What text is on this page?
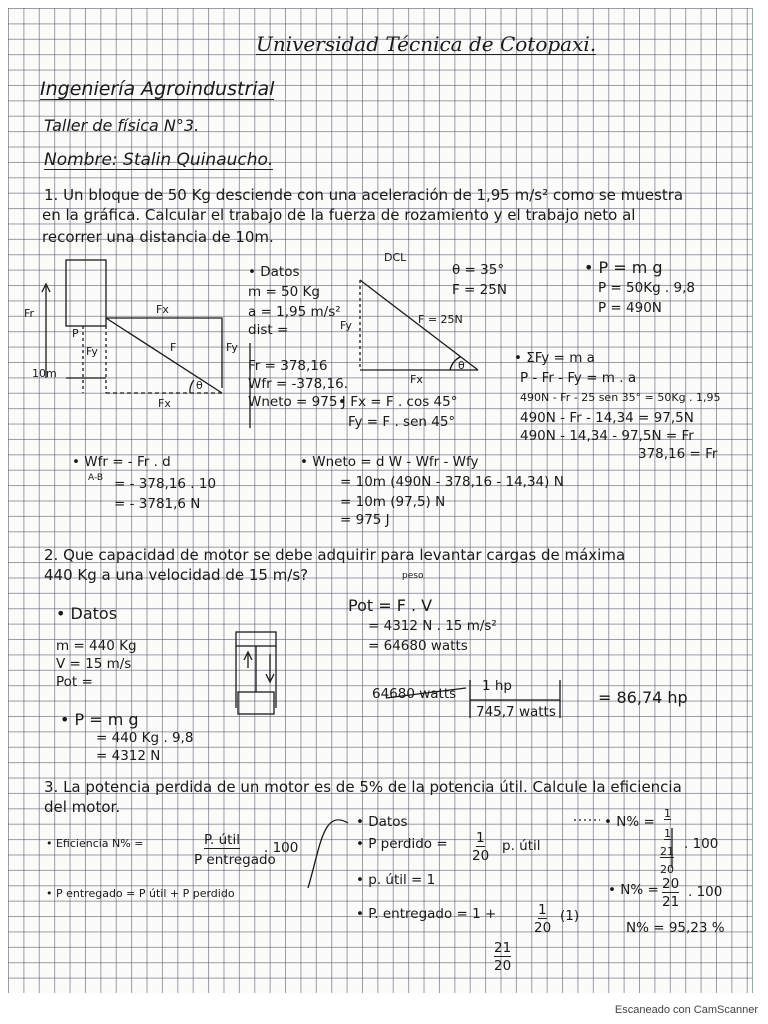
Universidad Técnica de Cotopaxi.
Ingeniería Agroindustrial
Taller de física N°3.
Nombre: Stalin Quinaucho.
1. Un bloque de 50 Kg desciende con una aceleración de 1,95 m/s² como se muestra
en la gráfica. Calcular el trabajo de la fuerza de rozamiento y el trabajo neto al
recorrer una distancia de 10m.
Fr
P
Fy
Fx
F	Fy
Fx
θ
10m
DCL
Fy	F = 25N
Fx
θ
• Datos
m = 50 Kg
a = 1,95 m/s²
dist =
Fr = 378,16
Wfr = -378,16.
Wneto = 975 J
θ = 35°
F = 25N
• P = m g
P = 50Kg . 9,8
P = 490N
• Fx = F . cos 45°
Fy = F . sen 45°
• ΣFy = m a
P - Fr - Fy = m . a
490N - Fr - 25 sen 35° = 50Kg . 1,95
490N - Fr - 14,34 = 97,5N
490N - 14,34 - 97,5N = Fr
378,16 = Fr
• Wfr = - Fr . d
A-B = - 378,16 . 10
= - 3781,6 N
• Wneto = d W - Wfr - Wfy
= 10m (490N - 378,16 - 14,34) N
= 10m (97,5) N
= 975 J
2. Que capacidad de motor se debe adquirir para levantar cargas de máxima
440 Kg a una velocidad de 15 m/s?
• Datos
m = 440 Kg
V = 15 m/s
Pot =
• P = m g
= 440 Kg . 9,8
= 4312 N
peso
Pot = F . V
= 4312 N . 15 m/s²
= 64680 watts
64680 watts 1 hp
745,7 watts
= 86,74 hp
3. La potencia perdida de un motor es de 5% de la potencia útil. Calcule la eficiencia
del motor.
• Eficiencia N% =	P. útil
P entregado
. 100
• P entregado = P útil + P perdido
• Datos
• P perdido = 1
20
p. útil
• p. útil = 1
• P. entregado = 1 +	1
20
(1)
21
20
• N% =
1
1
21
20
. 100
• N% = 20
21
. 100
N% = 95,23 %
Escaneado con CamScanner
